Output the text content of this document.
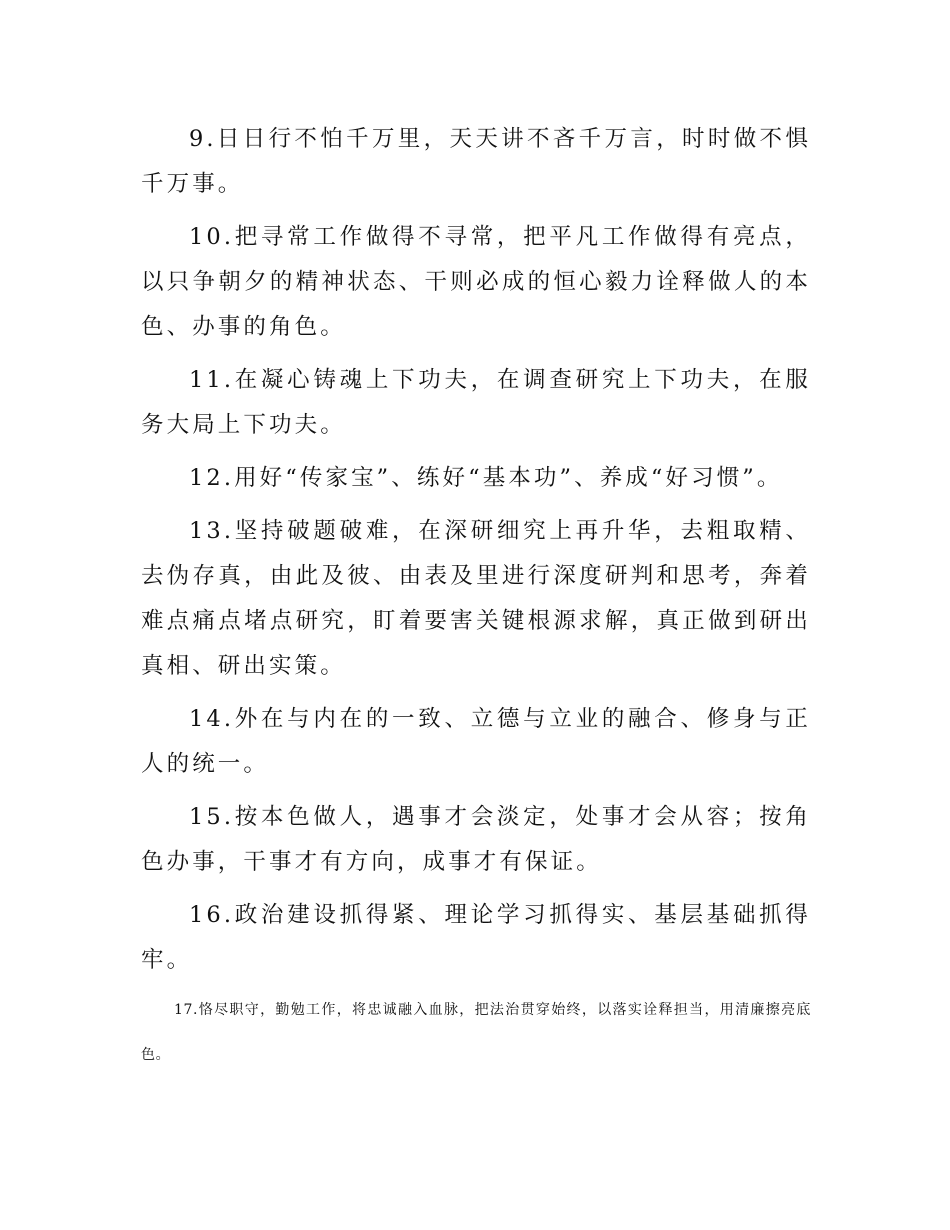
9.日日行不怕千万里，天天讲不吝千万言，时时做不惧千万事。

10.把寻常工作做得不寻常，把平凡工作做得有亮点，以只争朝夕的精神状态、干则必成的恒心毅力诠释做人的本色、办事的角色。

11.在凝心铸魂上下功夫，在调查研究上下功夫，在服务大局上下功夫。

12.用好“传家宝”、练好“基本功”、养成“好习惯”。

13.坚持破题破难，在深研细究上再升华，去粗取精、去伪存真，由此及彼、由表及里进行深度研判和思考，奔着难点痛点堵点研究，盯着要害关键根源求解，真正做到研出真相、研出实策。

14.外在与内在的一致、立德与立业的融合、修身与正人的统一。

15.按本色做人，遇事才会淡定，处事才会从容；按角色办事，干事才有方向，成事才有保证。

16.政治建设抓得紧、理论学习抓得实、基层基础抓得牢。

17.恪尽职守，勤勉工作，将忠诚融入血脉，把法治贯穿始终，以落实诠释担当，用清廉擦亮底色。
